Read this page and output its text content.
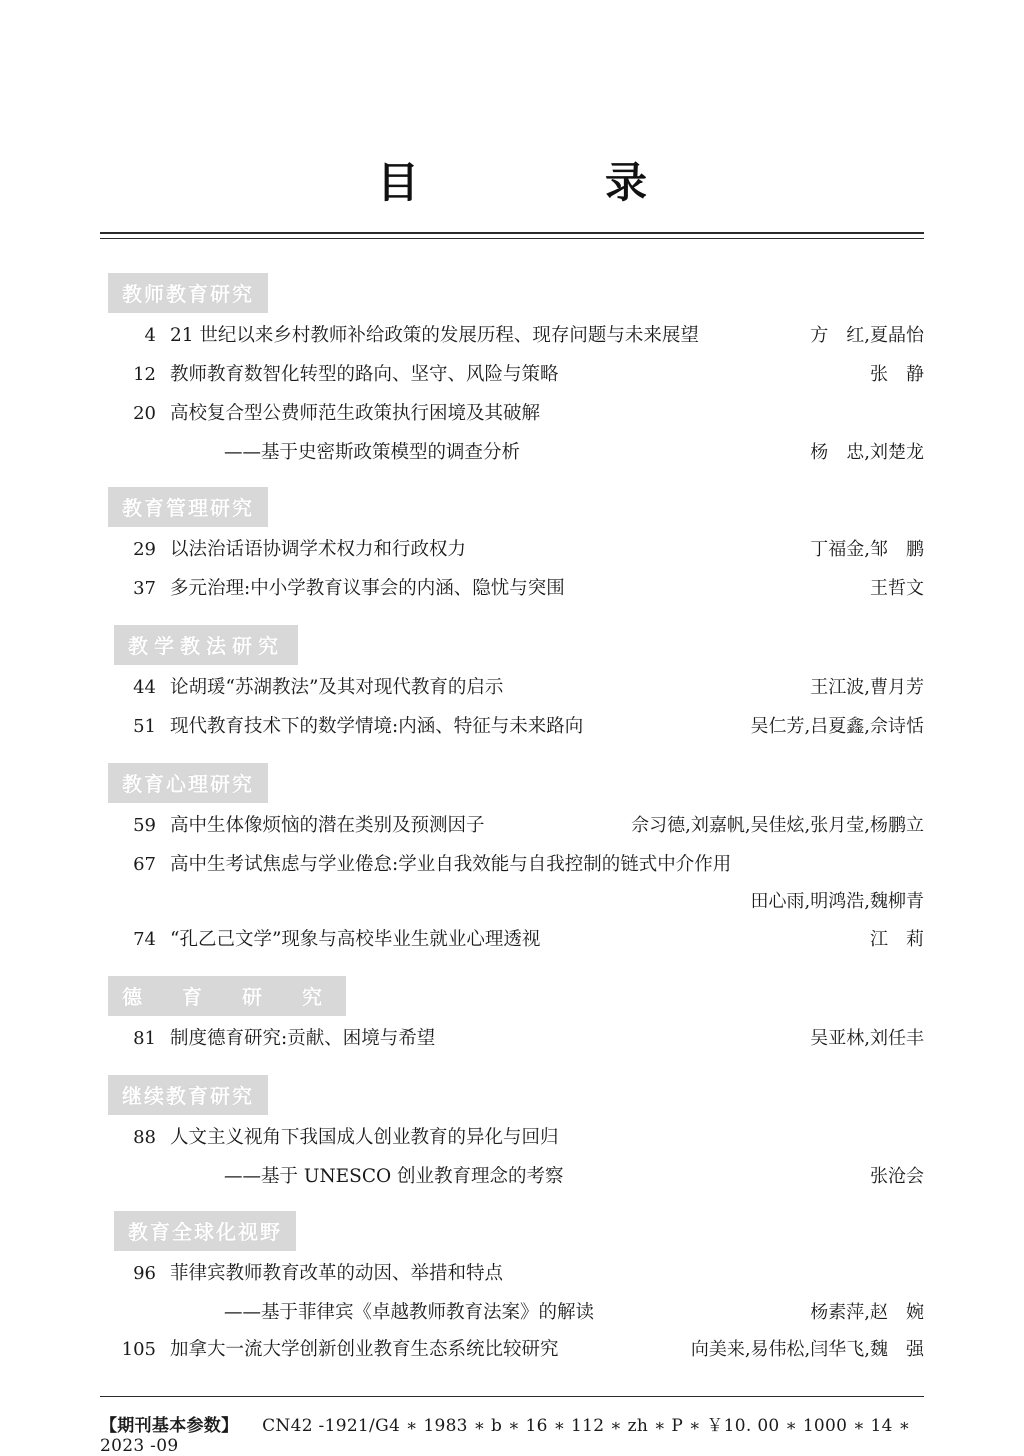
目　　录
教师教育研究
4 21 世纪以来乡村教师补给政策的发展历程、现存问题与未来展望	方　红,夏晶怡
12 教师教育数智化转型的路向、坚守、风险与策略	张　静
20 高校复合型公费师范生政策执行困境及其破解
——基于史密斯政策模型的调查分析	杨　忠,刘楚龙
教育管理研究
29 以法治话语协调学术权力和行政权力	丁福金,邹　鹏
37 多元治理:中小学教育议事会的内涵、隐忧与突围	王哲文
教学教法研究
44 论胡瑗“苏湖教法”及其对现代教育的启示	王江波,曹月芳
51 现代教育技术下的数学情境:内涵、特征与未来路向	吴仁芳,吕夏鑫,佘诗恬
教育心理研究
59 高中生体像烦恼的潜在类别及预测因子	佘习德,刘嘉帆,吴佳炫,张月莹,杨鹏立
67 高中生考试焦虑与学业倦怠:学业自我效能与自我控制的链式中介作用
田心雨,明鸿浩,魏柳青
74 “孔乙己文学”现象与高校毕业生就业心理透视	江　莉
德　育　研　究
81 制度德育研究:贡献、困境与希望	吴亚林,刘任丰
继续教育研究
88 人文主义视角下我国成人创业教育的异化与回归
——基于 UNESCO 创业教育理念的考察	张沧会
教育全球化视野
96 菲律宾教师教育改革的动因、举措和特点
——基于菲律宾《卓越教师教育法案》的解读	杨素萍,赵　婉
105 加拿大一流大学创新创业教育生态系统比较研究	向美来,易伟松,闫华飞,魏　强
【期刊基本参数】 CN42 -1921/G4 ∗ 1983 ∗ b ∗ 16 ∗ 112 ∗ zh ∗ P ∗ ￥10. 00 ∗ 1000 ∗ 14 ∗ 2023 -09
